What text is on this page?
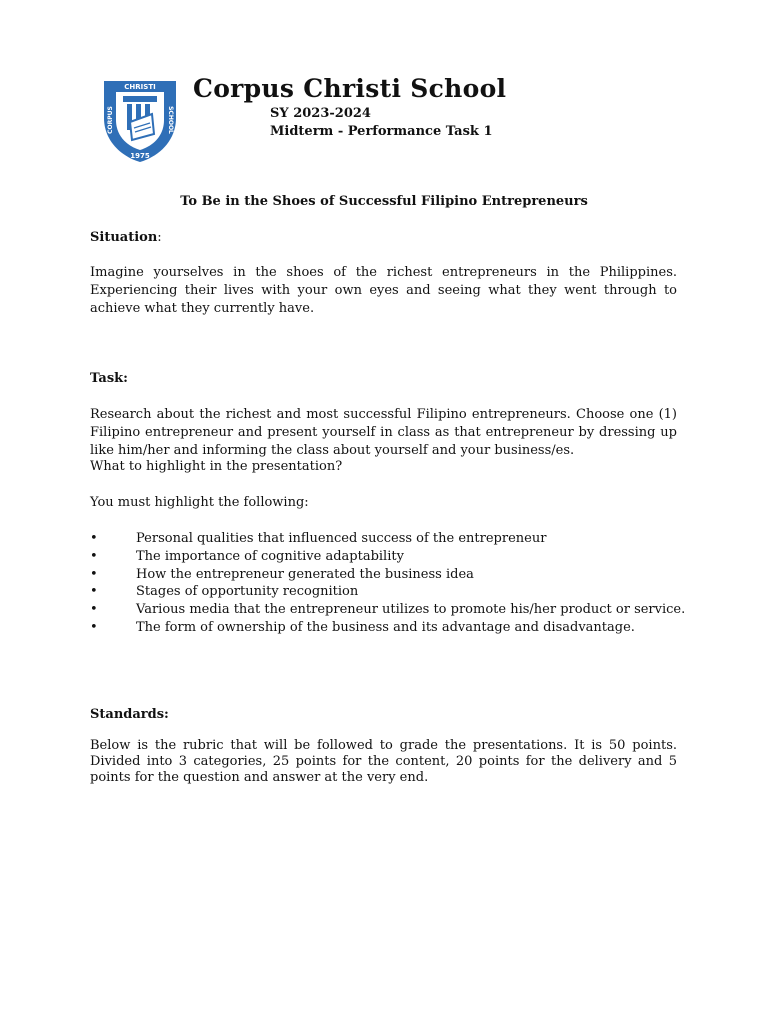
CHRISTI
CORPUS	SCHOOL
1975
Corpus Christi School
SY 2023-2024
Midterm - Performance Task 1
To Be in the Shoes of Successful Filipino Entrepreneurs
Situation:
Imagine yourselves in the shoes of the richest entrepreneurs in the Philippines. Experiencing their lives with your own eyes and seeing what they went through to achieve what they currently have.
Task:
Research about the richest and most successful Filipino entrepreneurs. Choose one (1) Filipino entrepreneur and present yourself in class as that entrepreneur by dressing up like him/her and informing the class about yourself and your business/es.
What to highlight in the presentation?
You must highlight the following:
•	Personal qualities that influenced success of the entrepreneur
•	The importance of cognitive adaptability
•	How the entrepreneur generated the business idea
•	Stages of opportunity recognition
•	Various media that the entrepreneur utilizes to promote his/her product or service.
•	The form of ownership of the business and its advantage and disadvantage.
Standards:
Below is the rubric that will be followed to grade the presentations. It is 50 points. Divided into 3 categories, 25 points for the content, 20 points for the delivery and 5 points for the question and answer at the very end.
